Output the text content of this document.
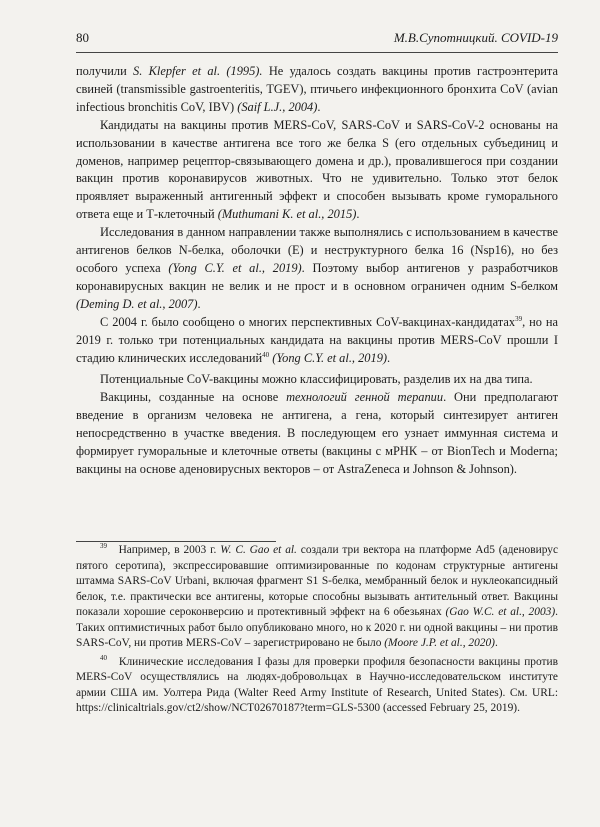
80	М.В.Супотницкий. COVID-19

получили S. Klepfer et al. (1995). Не удалось создать вакцины против гастроэнтерита свиней (transmissible gastroenteritis, TGEV), птичьего инфекционного бронхита CoV (avian infectious bronchitis CoV, IBV) (Saif L.J., 2004).

Кандидаты на вакцины против MERS-CoV, SARS-CoV и SARS-CoV-2 основаны на использовании в качестве антигена все того же белка S (его отдельных субъединиц и доменов, например рецептор-связывающего домена и др.), провалившегося при создании вакцин против коронавирусов животных. Что не удивительно. Только этот белок проявляет выраженный антигенный эффект и способен вызывать кроме гуморального ответа еще и Т-клеточный (Muthumani K. et al., 2015).

Исследования в данном направлении также выполнялись с использованием в качестве антигенов белков N-белка, оболочки (E) и неструктурного белка 16 (Nsp16), но без особого успеха (Yong C.Y. et al., 2019). Поэтому выбор антигенов у разработчиков коронавирусных вакцин не велик и не прост и в основном ограничен одним S-белком (Deming D. et al., 2007).

С 2004 г. было сообщено о многих перспективных CoV-вакцинах-кандидатах$^{39}$, но на 2019 г. только три потенциальных кандидата на вакцины против MERS-CoV прошли I стадию клинических исследований$^{40}$ (Yong C.Y. et al., 2019).

Потенциальные CoV-вакцины можно классифицировать, разделив их на два типа.

Вакцины, созданные на основе технологий генной терапии. Они предполагают введение в организм человека не антигена, а гена, который синтезирует антиген непосредственно в участке введения. В последующем его узнает иммунная система и формирует гуморальные и клеточные ответы (вакцины с мРНК – от BionTech и Moderna; вакцины на основе аденовирусных векторов – от AstraZeneca и Johnson & Johnson).

$^{39}$ Например, в 2003 г. W. C. Gao et al. создали три вектора на платформе Ad5 (аденовирус пятого серотипа), экспрессировавшие оптимизированные по кодонам структурные антигены штамма SARS-CoV Urbani, включая фрагмент S1 S-белка, мембранный белок и нуклеокапсидный белок, т.е. практически все антигены, которые способны вызывать антительный ответ. Вакцины показали хорошие сероконверсию и протективный эффект на 6 обезьянах (Gao W.C. et al., 2003). Таких оптимистичных работ было опубликовано много, но к 2020 г. ни одной вакцины – ни против SARS-CoV, ни против MERS-CoV – зарегистрировано не было (Moore J.P. et al., 2020).

$^{40}$ Клинические исследования I фазы для проверки профиля безопасности вакцины против MERS-CoV осуществлялись на людях-добровольцах в Научно-исследовательском институте армии США им. Уолтера Рида (Walter Reed Army Institute of Research, United States). См. URL: https://clinicaltrials.gov/ct2/show/NCT02670187?term=GLS-5300 (accessed February 25, 2019).
